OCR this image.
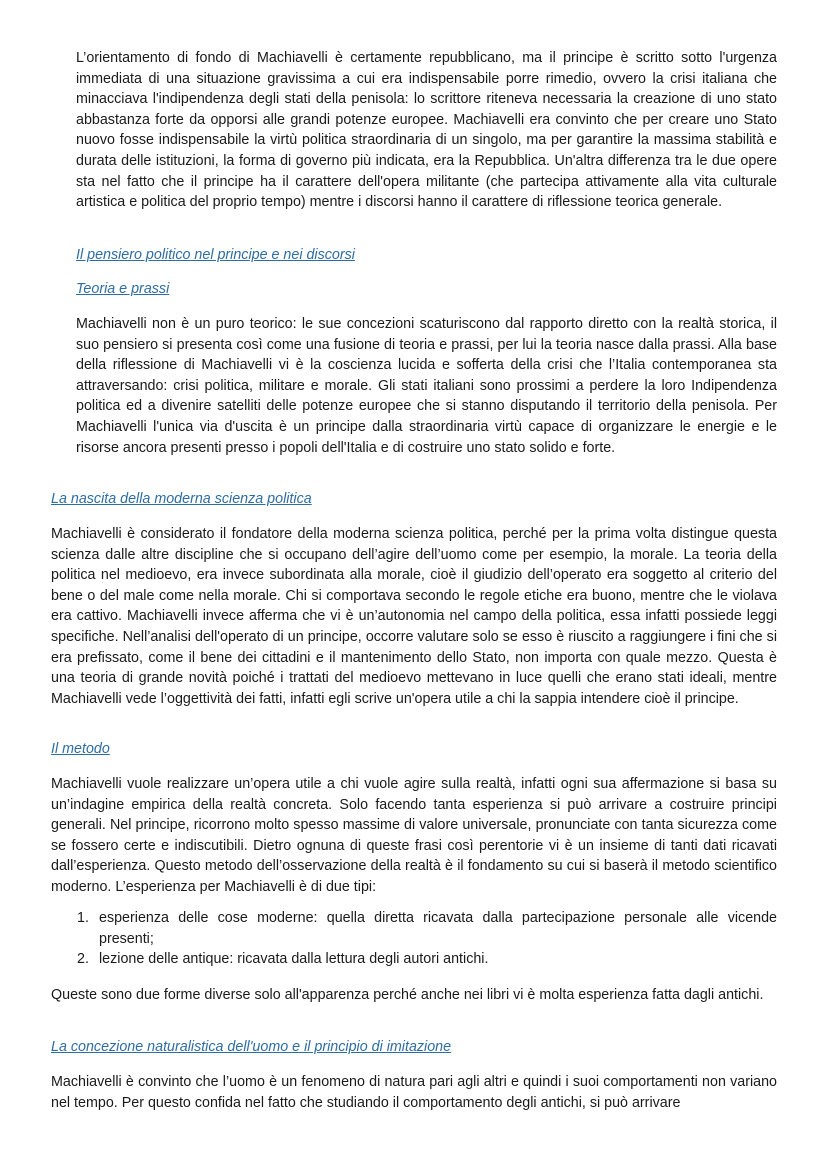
L’orientamento di fondo di Machiavelli è certamente repubblicano, ma il principe è scritto sotto l'urgenza immediata di una situazione gravissima a cui era indispensabile porre rimedio, ovvero la crisi italiana che minacciava l'indipendenza degli stati della penisola: lo scrittore riteneva necessaria la creazione di uno stato abbastanza forte da opporsi alle grandi potenze europee. Machiavelli era convinto che per creare uno Stato nuovo fosse indispensabile la virtù politica straordinaria di un singolo, ma per garantire la massima stabilità e durata delle istituzioni, la forma di governo più indicata, era la Repubblica. Un'altra differenza tra le due opere sta nel fatto che il principe ha il carattere dell'opera militante (che partecipa attivamente alla vita culturale artistica e politica del proprio tempo) mentre i discorsi hanno il carattere di riflessione teorica generale.

Il pensiero politico nel principe e nei discorsi

Teoria e prassi

Machiavelli non è un puro teorico: le sue concezioni scaturiscono dal rapporto diretto con la realtà storica, il suo pensiero si presenta così come una fusione di teoria e prassi, per lui la teoria nasce dalla prassi. Alla base della riflessione di Machiavelli vi è la coscienza lucida e sofferta della crisi che l’Italia contemporanea sta attraversando: crisi politica, militare e morale. Gli stati italiani sono prossimi a perdere la loro Indipendenza politica ed a divenire satelliti delle potenze europee che si stanno disputando il territorio della penisola. Per Machiavelli l'unica via d'uscita è un principe dalla straordinaria virtù capace di organizzare le energie e le risorse ancora presenti presso i popoli dell'Italia e di costruire uno stato solido e forte.

La nascita della moderna scienza politica

Machiavelli è considerato il fondatore della moderna scienza politica, perché per la prima volta distingue questa scienza dalle altre discipline che si occupano dell’agire dell’uomo come per esempio, la morale. La teoria della politica nel medioevo, era invece subordinata alla morale, cioè il giudizio dell’operato era soggetto al criterio del bene o del male come nella morale. Chi si comportava secondo le regole etiche era buono, mentre che le violava era cattivo. Machiavelli invece afferma che vi è un’autonomia nel campo della politica, essa infatti possiede leggi specifiche. Nell’analisi dell'operato di un principe, occorre valutare solo se esso è riuscito a raggiungere i fini che si era prefissato, come il bene dei cittadini e il mantenimento dello Stato, non importa con quale mezzo. Questa è una teoria di grande novità poiché i trattati del medioevo mettevano in luce quelli che erano stati ideali, mentre Machiavelli vede l’oggettività dei fatti, infatti egli scrive un'opera utile a chi la sappia intendere cioè il principe.

Il metodo

Machiavelli vuole realizzare un’opera utile a chi vuole agire sulla realtà, infatti ogni sua affermazione si basa su un’indagine empirica della realtà concreta. Solo facendo tanta esperienza si può arrivare a costruire principi generali. Nel principe, ricorrono molto spesso massime di valore universale, pronunciate con tanta sicurezza come se fossero certe e indiscutibili. Dietro ognuna di queste frasi così perentorie vi è un insieme di tanti dati ricavati dall’esperienza. Questo metodo dell’osservazione della realtà è il fondamento su cui si baserà il metodo scientifico moderno. L’esperienza per Machiavelli è di due tipi:

1. esperienza delle cose moderne: quella diretta ricavata dalla partecipazione personale alle vicende presenti;
2. lezione delle antique: ricavata dalla lettura degli autori antichi.

Queste sono due forme diverse solo all'apparenza perché anche nei libri vi è molta esperienza fatta dagli antichi.

La concezione naturalistica dell'uomo e il principio di imitazione

Machiavelli è convinto che l’uomo è un fenomeno di natura pari agli altri e quindi i suoi comportamenti non variano nel tempo. Per questo confida nel fatto che studiando il comportamento degli antichi, si può arrivare
